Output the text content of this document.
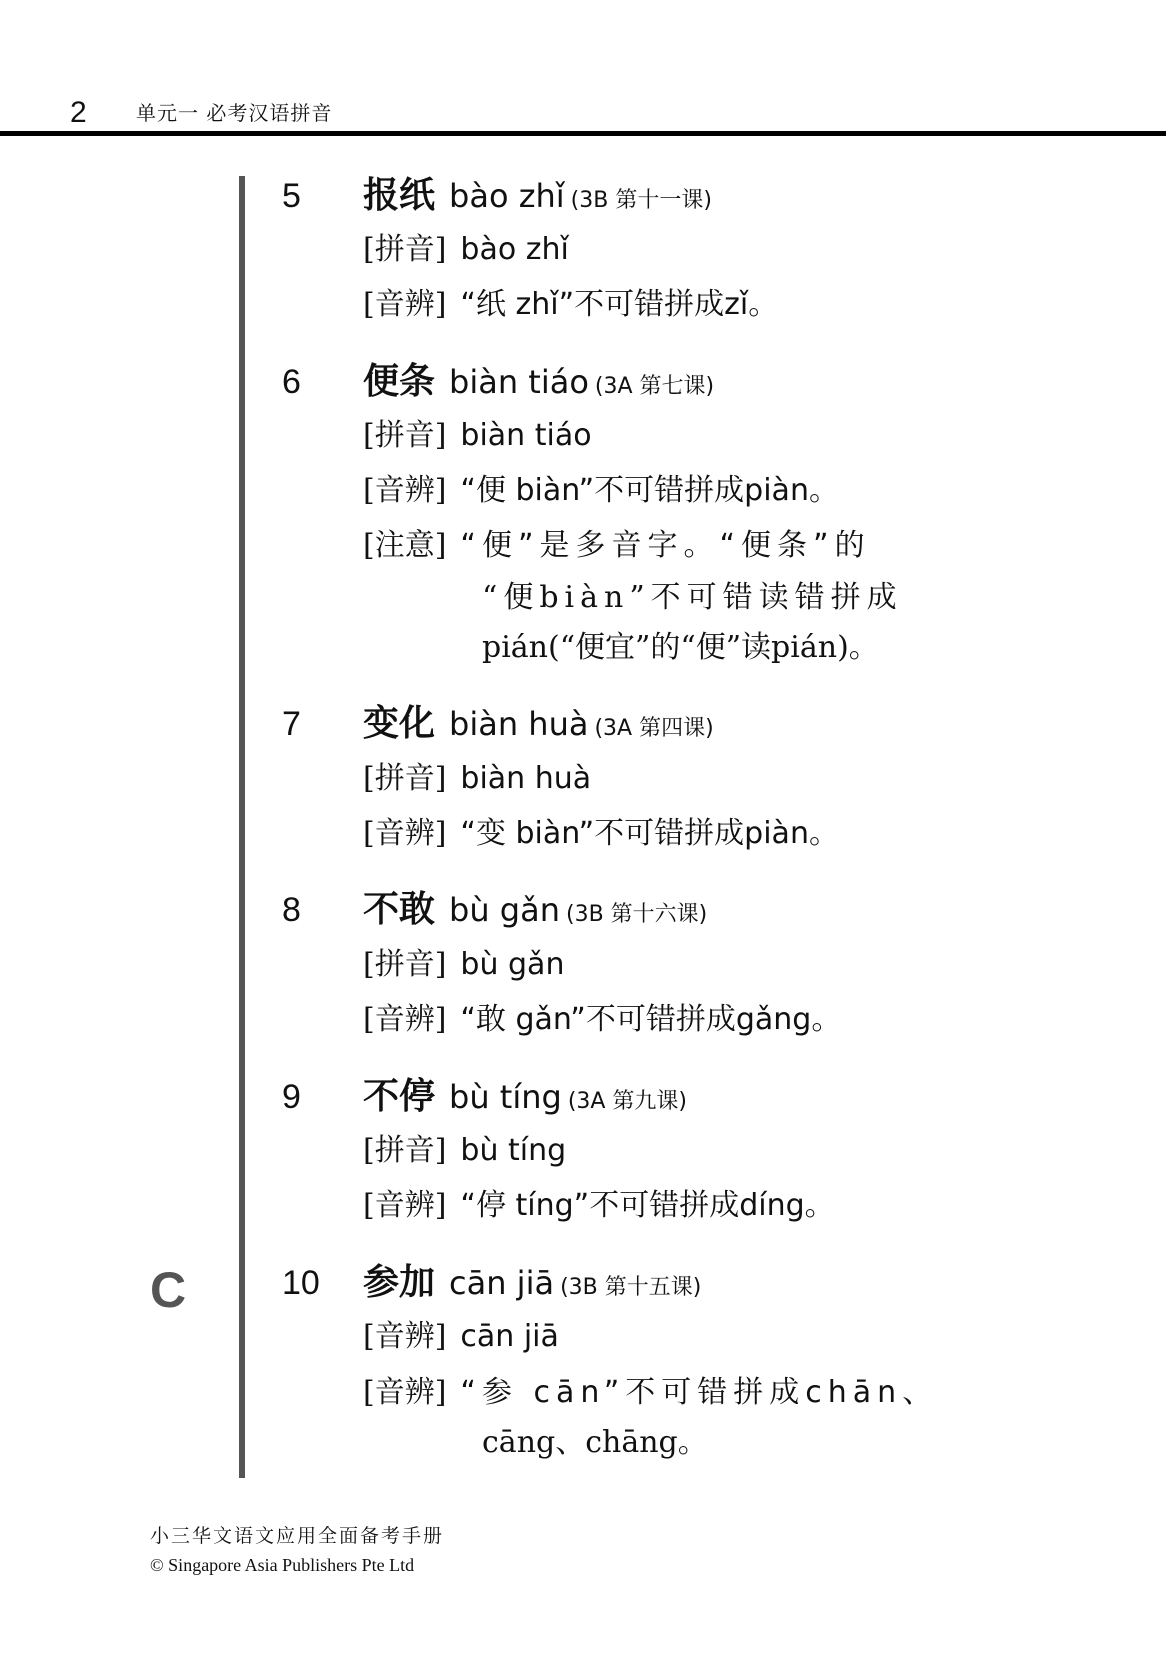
2 单元一 必考汉语拼音
C
5 报纸 bào zhǐ (3B 第十一课)
[拼音] bào zhǐ
[音辨] “纸 zhǐ”不可错拼成zǐ。
6 便条 biàn tiáo (3A 第七课)
[拼音] biàn tiáo
[音辨] “便 biàn”不可错拼成piàn。
[注意] “便”是多音字。“便条”的
“便biàn”不可错读错拼成
pián(“便宜”的“便”读pián)。
7 变化 biàn huà (3A 第四课)
[拼音] biàn huà
[音辨] “变 biàn”不可错拼成piàn。
8 不敢 bù gǎn (3B 第十六课)
[拼音] bù gǎn
[音辨] “敢 gǎn”不可错拼成gǎng。
9 不停 bù tíng (3A 第九课)
[拼音] bù tíng
[音辨] “停 tíng”不可错拼成díng。
10 参加 cān jiā (3B 第十五课)
[音辨] cān jiā
[音辨] “参 cān”不可错拼成chān、
cāng、chāng。
小三华文语文应用全面备考手册
© Singapore Asia Publishers Pte Ltd
